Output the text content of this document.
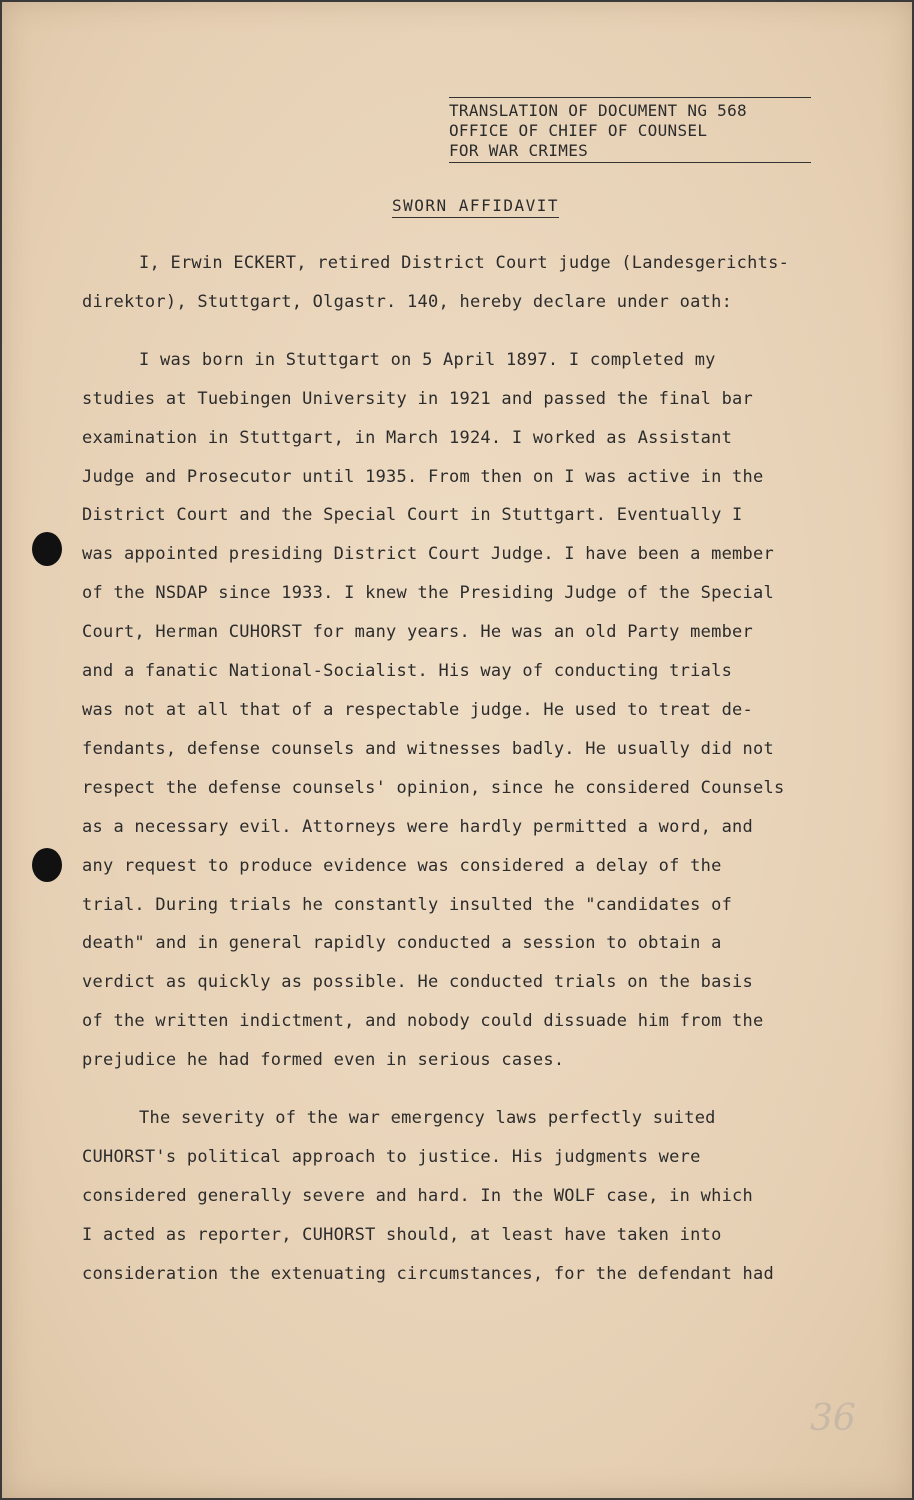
TRANSLATION OF DOCUMENT NG 568
OFFICE OF CHIEF OF COUNSEL
FOR WAR CRIMES
SWORN AFFIDAVIT

I, Erwin ECKERT, retired District Court judge (Landesgerichts-

direktor), Stuttgart, Olgastr. 140, hereby declare under oath:

I was born in Stuttgart on 5 April 1897. I completed my

studies at Tuebingen University in 1921 and passed the final bar

examination in Stuttgart, in March 1924. I worked as Assistant

Judge and Prosecutor until 1935. From then on I was active in the

District Court and the Special Court in Stuttgart. Eventually I

was appointed presiding District Court Judge. I have been a member

of the NSDAP since 1933. I knew the Presiding Judge of the Special

Court, Herman CUHORST for many years. He was an old Party member

and a fanatic National-Socialist. His way of conducting trials

was not at all that of a respectable judge. He used to treat de-

fendants, defense counsels and witnesses badly. He usually did not

respect the defense counsels' opinion, since he considered Counsels

as a necessary evil. Attorneys were hardly permitted a word, and

any request to produce evidence was considered a delay of the

trial. During trials he constantly insulted the "candidates of

death" and in general rapidly conducted a session to obtain a

verdict as quickly as possible. He conducted trials on the basis

of the written indictment, and nobody could dissuade him from the

prejudice he had formed even in serious cases.

The severity of the war emergency laws perfectly suited

CUHORST's political approach to justice. His judgments were

considered generally severe and hard. In the WOLF case, in which

I acted as reporter, CUHORST should, at least have taken into

consideration the extenuating circumstances, for the defendant had

36
